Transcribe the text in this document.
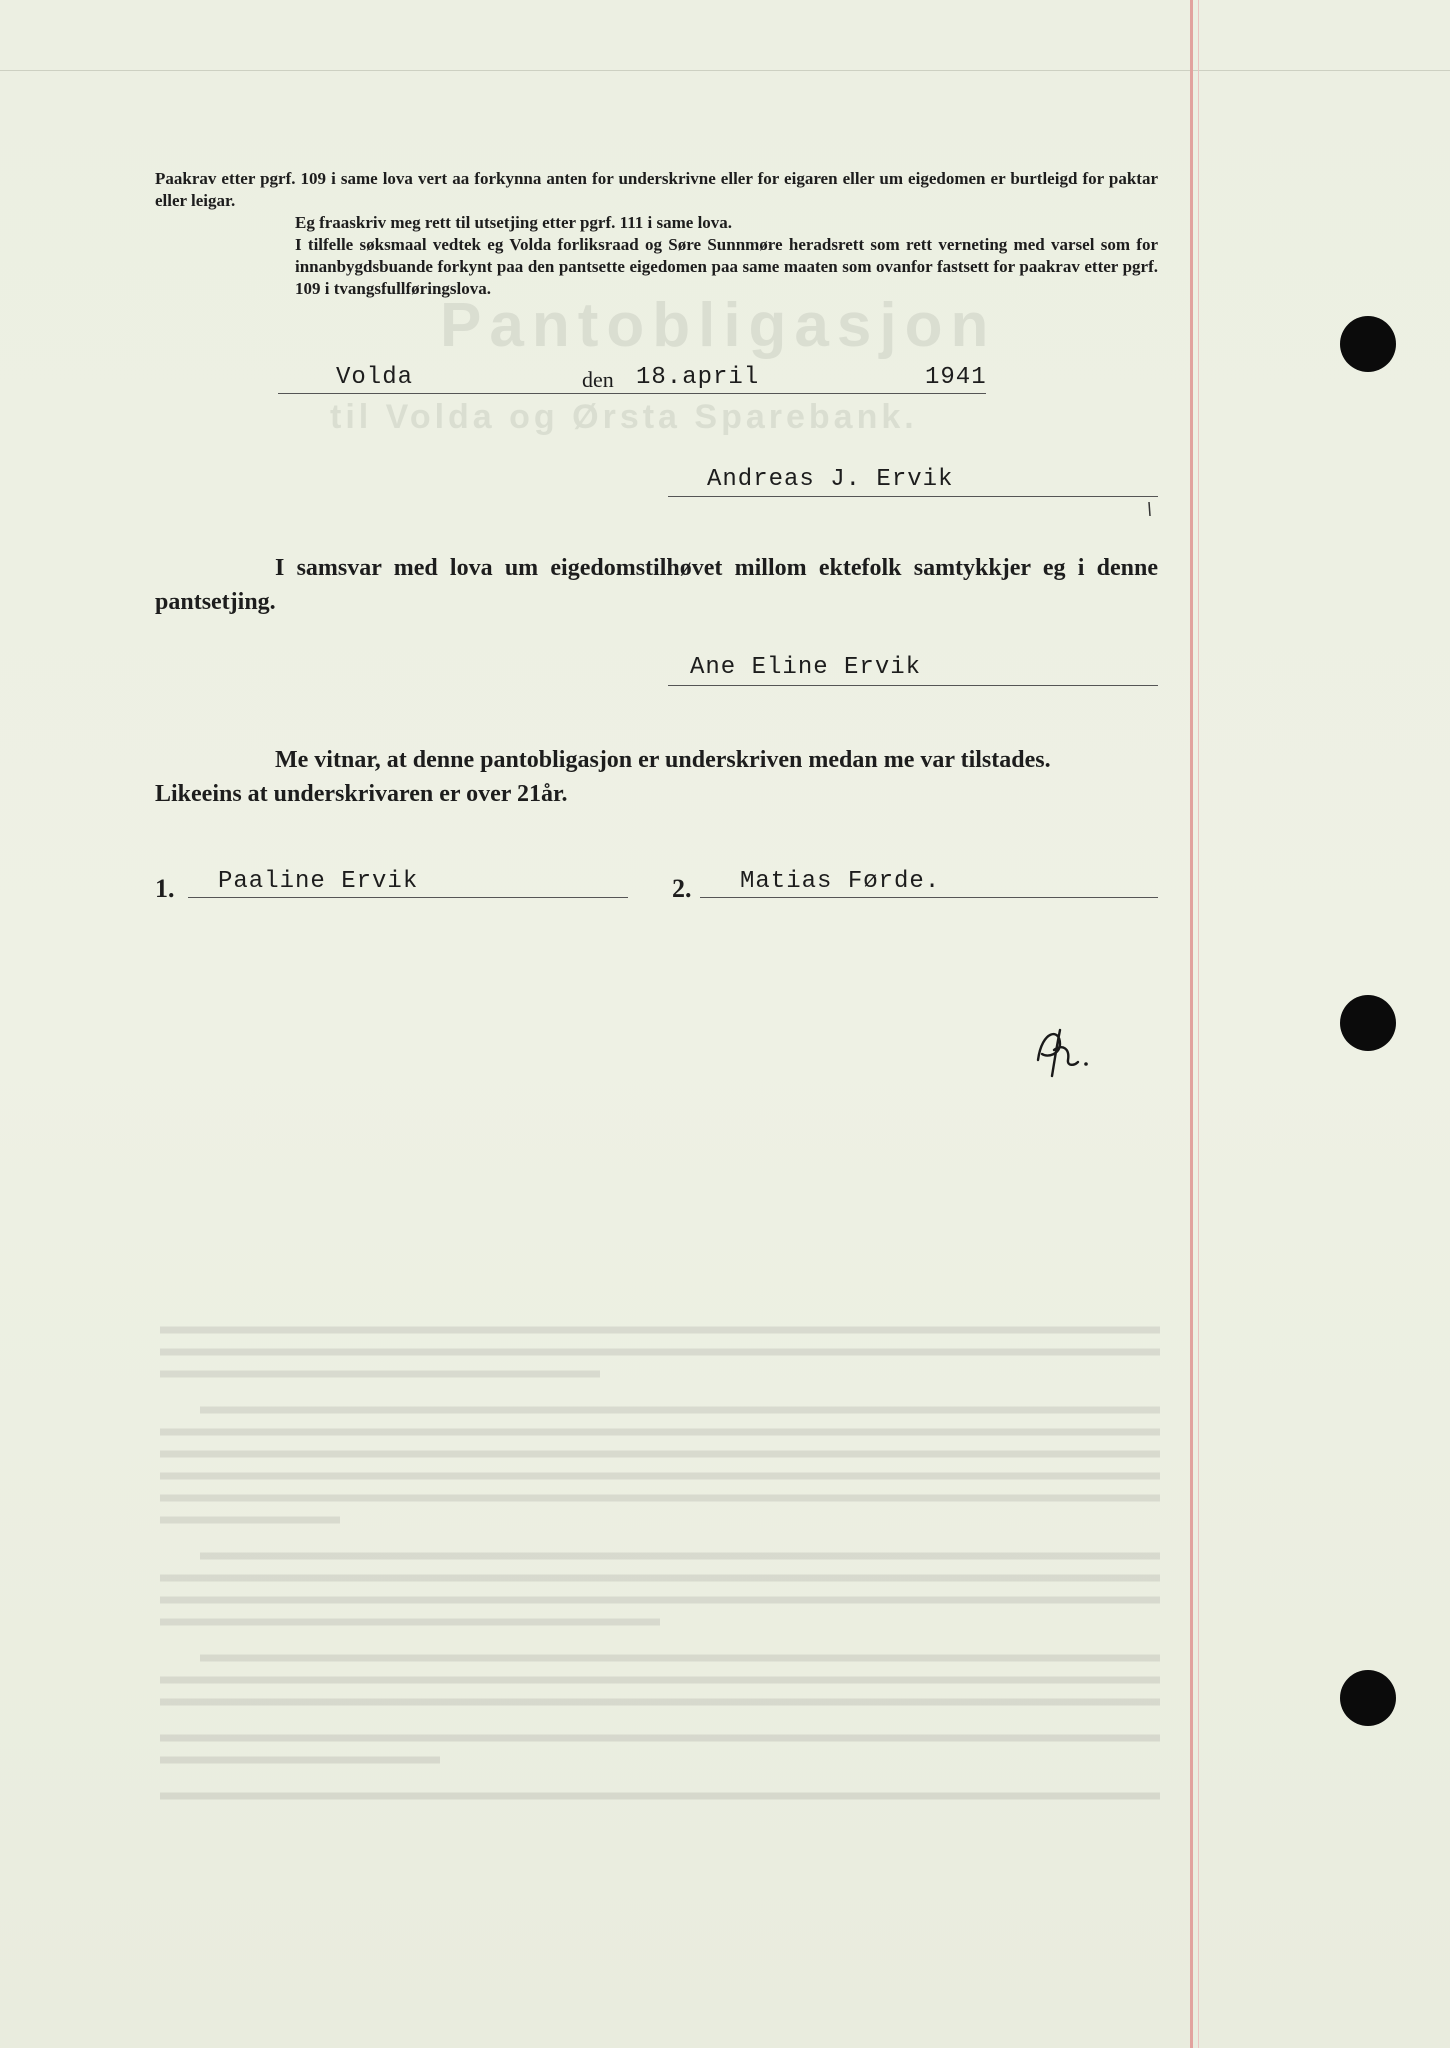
Pantobligasjon
til Volda og Ørsta Sparebank.

Paakrav etter pgrf. 109 i same lova vert aa forkynna anten for underskrivne eller for eigaren eller um eigedomen er burtleigd for paktar eller leigar.

Eg fraaskriv meg rett til utsetjing etter pgrf. 111 i same lova.

I tilfelle søksmaal vedtek eg Volda forliksraad og Søre Sunnmøre heradsrett som rett verneting med varsel som for innanbygdsbuande forkynt paa den pantsette eigedomen paa same maaten som ovanfor fastsett for paakrav etter pgrf. 109 i tvangsfullføringslova.

Volda	den 18.april	1941
Andreas J. Ervik

I samsvar med lova um eigedomstilhøvet millom ektefolk samtykkjer eg i denne pantsetjing.

Ane Eline Ervik

Me vitnar, at denne pantobligasjon er underskriven medan me var tilstades.

Likeeins at underskrivaren er over 21år.

1. Paaline Ervik	2. Matias Førde.
